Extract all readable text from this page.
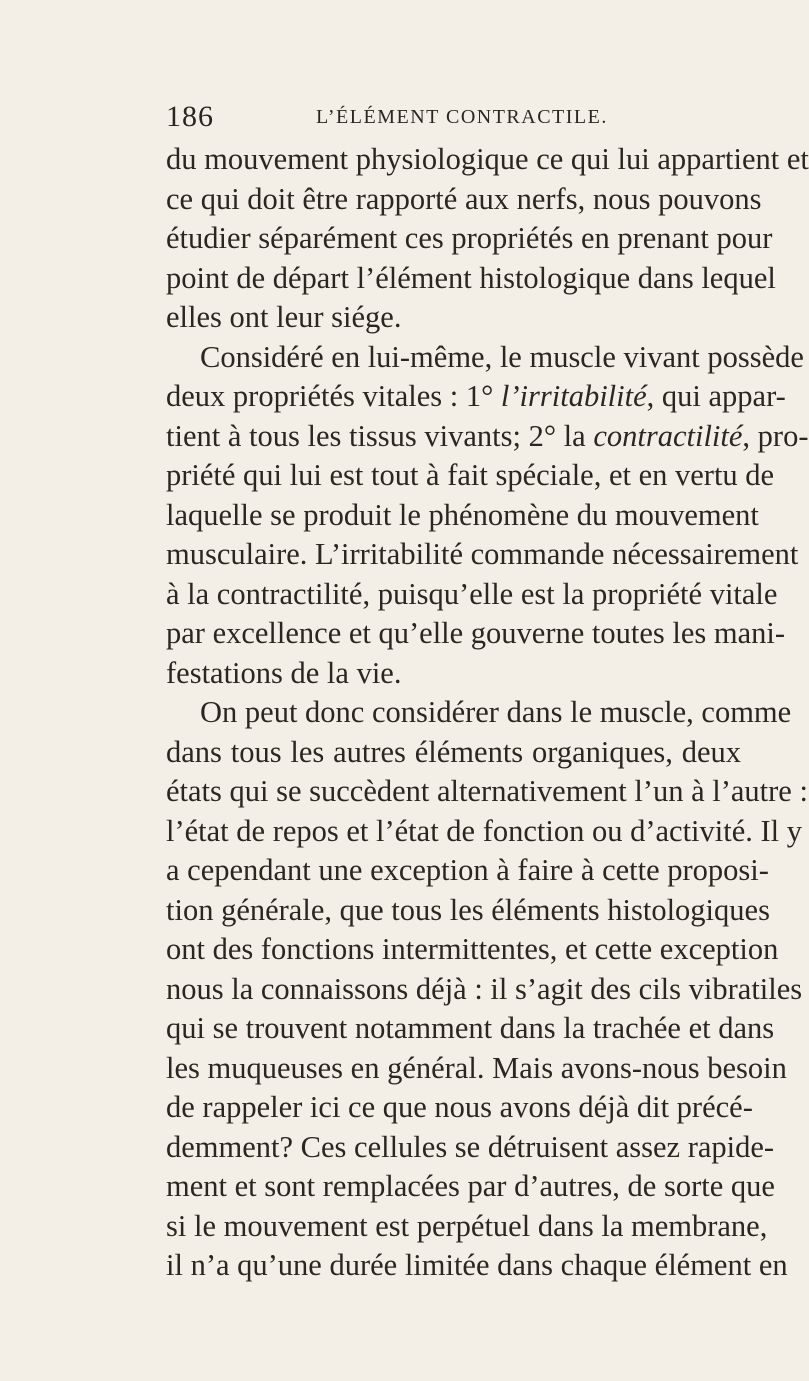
186	L’ÉLÉMENT CONTRACTILE.
du mouvement physiologique ce qui lui appartient et
ce qui doit être rapporté aux nerfs, nous pouvons
étudier séparément ces propriétés en prenant pour
point de départ l’élément histologique dans lequel
elles ont leur siége.
Considéré en lui-même, le muscle vivant possède
deux propriétés vitales : 1° l’irritabilité, qui appar-
tient à tous les tissus vivants; 2° la contractilité, pro-
priété qui lui est tout à fait spéciale, et en vertu de
laquelle se produit le phénomène du mouvement
musculaire. L’irritabilité commande nécessairement
à la contractilité, puisqu’elle est la propriété vitale
par excellence et qu’elle gouverne toutes les mani-
festations de la vie.
On peut donc considérer dans le muscle, comme
dans tous les autres éléments organiques, deux
états qui se succèdent alternativement l’un à l’autre :
l’état de repos et l’état de fonction ou d’activité. Il y
a cependant une exception à faire à cette proposi-
tion générale, que tous les éléments histologiques
ont des fonctions intermittentes, et cette exception
nous la connaissons déjà : il s’agit des cils vibratiles
qui se trouvent notamment dans la trachée et dans
les muqueuses en général. Mais avons-nous besoin
de rappeler ici ce que nous avons déjà dit précé-
demment? Ces cellules se détruisent assez rapide-
ment et sont remplacées par d’autres, de sorte que
si le mouvement est perpétuel dans la membrane,
il n’a qu’une durée limitée dans chaque élément en
